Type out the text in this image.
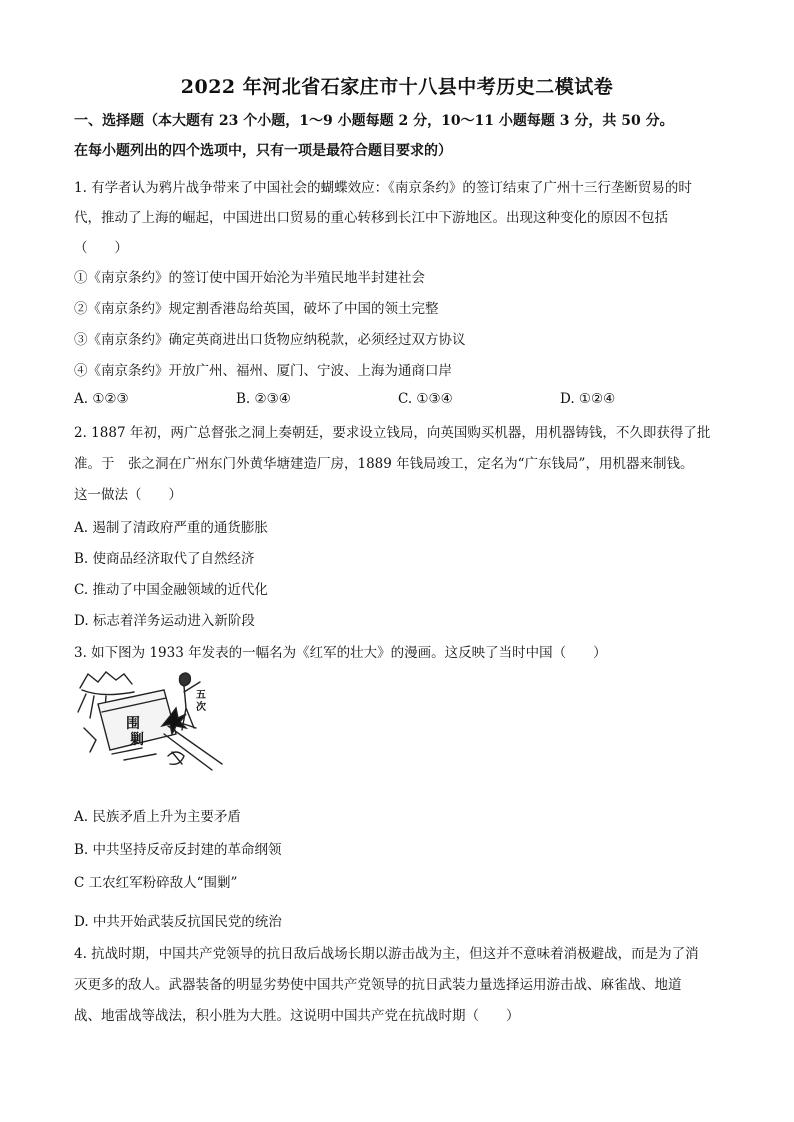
2022 年河北省石家庄市十八县中考历史二模试卷
一、选择题（本大题有 23 个小题，1～9 小题每题 2 分，10～11 小题每题 3 分，共 50 分。
在每小题列出的四个选项中，只有一项是最符合题目要求的）
1. 有学者认为鸦片战争带来了中国社会的蝴蝶效应：《南京条约》的签订结束了广州十三行垄断贸易的时
代，推动了上海的崛起，中国进出口贸易的重心转移到长江中下游地区。出现这种变化的原因不包括
（　　）
①《南京条约》的签订使中国开始沦为半殖民地半封建社会
②《南京条约》规定割香港岛给英国，破坏了中国的领土完整
③《南京条约》确定英商进出口货物应纳税款，必须经过双方协议
④《南京条约》开放广州、福州、厦门、宁波、上海为通商口岸
A. ①②③	B. ②③④	C. ①③④	D. ①②④
2. 1887 年初，两广总督张之洞上奏朝廷，要求设立钱局，向英国购买机器，用机器铸钱，不久即获得了批
准。于　张之洞在广州东门外黄华塘建造厂房，1889 年钱局竣工，定名为“广东钱局”，用机器来制钱。
这一做法（　　）
A. 遏制了清政府严重的通货膨胀
B. 使商品经济取代了自然经济
C. 推动了中国金融领域的近代化
D. 标志着洋务运动进入新阶段
3. 如下图为 1933 年发表的一幅名为《红军的壮大》的漫画。这反映了当时中国（　　）
围
剿
五
次
A. 民族矛盾上升为主要矛盾
B. 中共坚持反帝反封建的革命纲领
C 工农红军粉碎敌人“围剿”
D. 中共开始武装反抗国民党的统治
4. 抗战时期，中国共产党领导的抗日敌后战场长期以游击战为主，但这并不意味着消极避战，而是为了消
灭更多的敌人。武器装备的明显劣势使中国共产党领导的抗日武装力量选择运用游击战、麻雀战、地道
战、地雷战等战法，积小胜为大胜。这说明中国共产党在抗战时期（　　）
